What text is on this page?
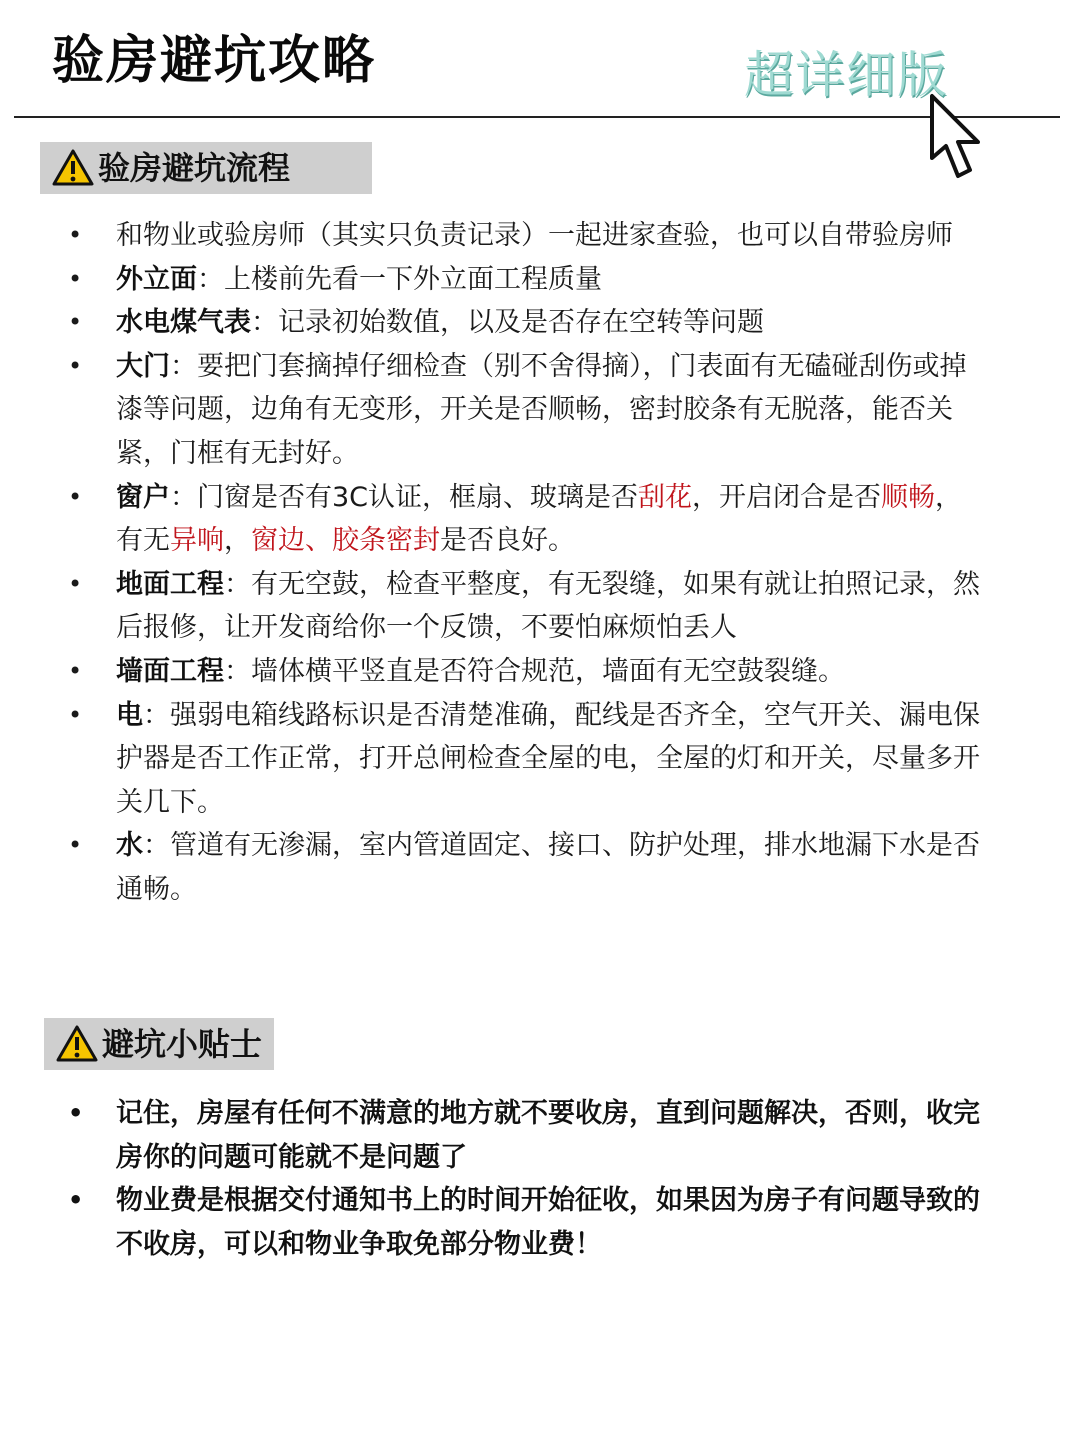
验房避坑攻略	超详细版
验房避坑流程
• 和物业或验房师（其实只负责记录）一起进家查验，也可以自带验房师
• 外立面：上楼前先看一下外立面工程质量
• 水电煤气表：记录初始数值，以及是否存在空转等问题
• 大门：要把门套摘掉仔细检查（别不舍得摘），门表面有无磕碰刮伤或掉漆等问题，边角有无变形，开关是否顺畅，密封胶条有无脱落，能否关紧，门框有无封好。
• 窗户：门窗是否有3C认证，框扇、玻璃是否刮花，开启闭合是否顺畅，有无异响，窗边、胶条密封是否良好。
• 地面工程：有无空鼓，检查平整度，有无裂缝，如果有就让拍照记录，然后报修，让开发商给你一个反馈，不要怕麻烦怕丢人
• 墙面工程：墙体横平竖直是否符合规范，墙面有无空鼓裂缝。
• 电：强弱电箱线路标识是否清楚准确，配线是否齐全，空气开关、漏电保护器是否工作正常，打开总闸检查全屋的电，全屋的灯和开关，尽量多开关几下。
• 水：管道有无渗漏，室内管道固定、接口、防护处理，排水地漏下水是否通畅。
避坑小贴士
• 记住，房屋有任何不满意的地方就不要收房，直到问题解决，否则，收完房你的问题可能就不是问题了
• 物业费是根据交付通知书上的时间开始征收，如果因为房子有问题导致的不收房，可以和物业争取免部分物业费！
